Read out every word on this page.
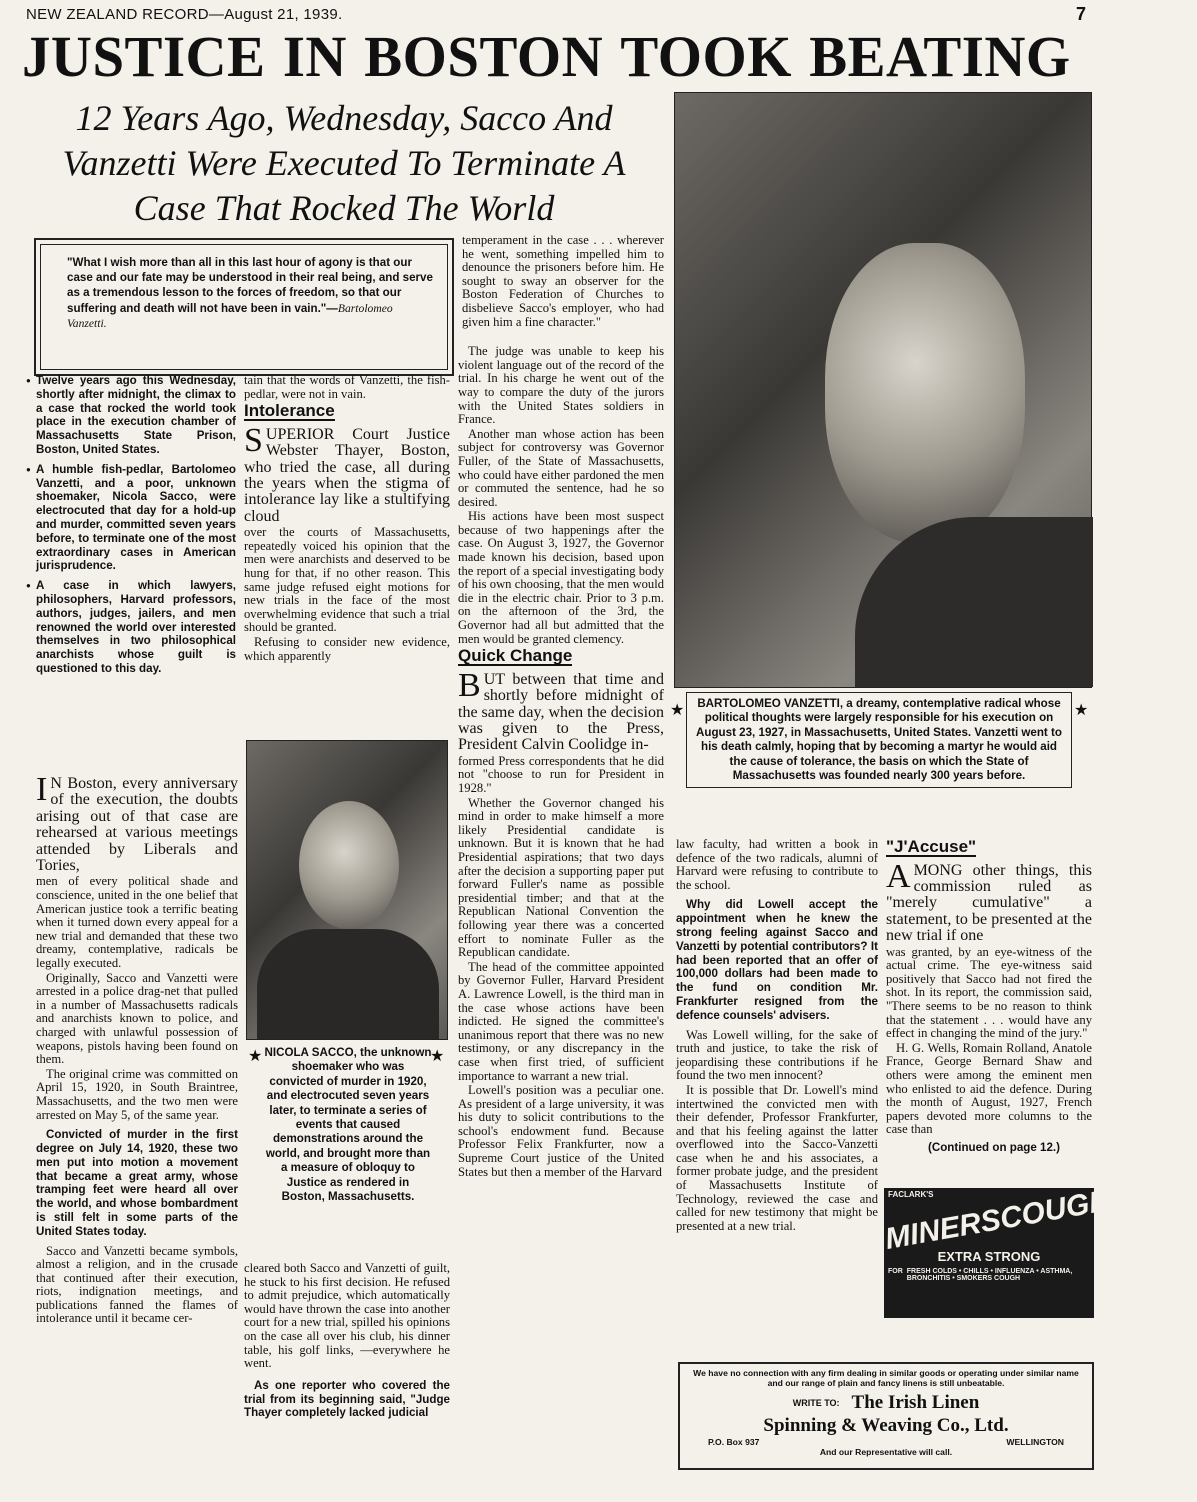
NEW ZEALAND RECORD—August 21, 1939.	7
JUSTICE IN BOSTON TOOK BEATING
12 Years Ago, Wednesday, Sacco And Vanzetti Were Executed To Terminate A Case That Rocked The World
"What I wish more than all in this last hour of agony is that our case and our fate may be understood in their real being, and serve as a tremendous lesson to the forces of freedom, so that our suffering and death will not have been in vain."—Bartolomeo Vanzetti.
● Twelve years ago this Wednesday, shortly after midnight, the climax to a case that rocked the world took place in the execution chamber of Massachusetts State Prison, Boston, United States.
● A humble fish-pedlar, Bartolomeo Vanzetti, and a poor, unknown shoemaker, Nicola Sacco, were electrocuted that day for a hold-up and murder, committed seven years before, to terminate one of the most extraordinary cases in American jurisprudence.
● A case in which lawyers, philosophers, Harvard professors, authors, judges, jailers, and men renowned the world over interested themselves in two philosophical anarchists whose guilt is questioned to this day.

I N Boston, every anniversary of the execution, the doubts arising out of that case are rehearsed at various meetings attended by Liberals and Tories,

men of every political shade and conscience, united in the one belief that American justice took a terrific beating when it turned down every appeal for a new trial and demanded that these two dreamy, contemplative, radicals be legally executed.

Originally, Sacco and Vanzetti were arrested in a police drag-net that pulled in a number of Massachusetts radicals and anarchists known to police, and charged with unlawful possession of weapons, pistols having been found on them.

The original crime was committed on April 15, 1920, in South Braintree, Massachusetts, and the two men were arrested on May 5, of the same year.

Convicted of murder in the first degree on July 14, 1920, these two men put into motion a movement that became a great army, whose tramping feet were heard all over the world, and whose bombardment is still felt in some parts of the United States today.

Sacco and Vanzetti became symbols, almost a religion, and in the crusade that continued after their execution, riots, indignation meetings, and publications fanned the flames of intolerance until it became cer-

tain that the words of Vanzetti, the fish-pedlar, were not in vain.

Intolerance

SUPERIOR Court Justice Webster Thayer, Boston, who tried the case, all during the years when the stigma of intolerance lay like a stultifying cloud

over the courts of Massachusetts, repeatedly voiced his opinion that the men were anarchists and deserved to be hung for that, if no other reason. This same judge refused eight motions for new trials in the face of the most overwhelming evidence that such a trial should be granted.

Refusing to consider new evidence, which apparently

★	★
NICOLA SACCO, the unknown shoemaker who was convicted of murder in 1920, and electrocuted seven years later, to terminate a series of events that caused demonstrations around the world, and brought more than a measure of obloquy to Justice as rendered in Boston, Massachusetts.

cleared both Sacco and Vanzetti of guilt, he stuck to his first decision. He refused to admit prejudice, which automatically would have thrown the case into another court for a new trial, spilled his opinions on the case all over his club, his dinner table, his golf links, —everywhere he went.

As one reporter who covered the trial from its beginning said, "Judge Thayer completely lacked judicial

temperament in the case . . . wherever he went, something impelled him to denounce the prisoners before him. He sought to sway an observer for the Boston Federation of Churches to disbelieve Sacco's employer, who had given him a fine character."

The judge was unable to keep his violent language out of the record of the trial. In his charge he went out of the way to compare the duty of the jurors with the United States soldiers in France.

Another man whose action has been subject for controversy was Governor Fuller, of the State of Massachusetts, who could have either pardoned the men or commuted the sentence, had he so desired.

His actions have been most suspect because of two happenings after the case. On August 3, 1927, the Governor made known his decision, based upon the report of a special investigating body of his own choosing, that the men would die in the electric chair. Prior to 3 p.m. on the afternoon of the 3rd, the Governor had all but admitted that the men would be granted clemency.

Quick Change

BUT between that time and shortly before midnight of the same day, when the decision was given to the Press, President Calvin Coolidge in-

formed Press correspondents that he did not "choose to run for President in 1928."

Whether the Governor changed his mind in order to make himself a more likely Presidential candidate is unknown. But it is known that he had Presidential aspirations; that two days after the decision a supporting paper put forward Fuller's name as possible presidential timber; and that at the Republican National Convention the following year there was a concerted effort to nominate Fuller as the Republican candidate.

The head of the committee appointed by Governor Fuller, Harvard President A. Lawrence Lowell, is the third man in the case whose actions have been indicted. He signed the committee's unanimous report that there was no new testimony, or any discrepancy in the case when first tried, of sufficient importance to warrant a new trial.

Lowell's position was a peculiar one. As president of a large university, it was his duty to solicit contributions to the school's endowment fund. Because Professor Felix Frankfurter, now a Supreme Court justice of the United States but then a member of the Harvard

★	★
BARTOLOMEO VANZETTI, a dreamy, contemplative radical whose political thoughts were largely responsible for his execution on August 23, 1927, in Massachusetts, United States. Vanzetti went to his death calmly, hoping that by becoming a martyr he would aid the cause of tolerance, the basis on which the State of Massachusetts was founded nearly 300 years before.

law faculty, had written a book in defence of the two radicals, alumni of Harvard were refusing to contribute to the school.

Why did Lowell accept the appointment when he knew the strong feeling against Sacco and Vanzetti by potential contributors? It had been reported that an offer of 100,000 dollars had been made to the fund on condition Mr. Frankfurter resigned from the defence counsels' advisers.

Was Lowell willing, for the sake of truth and justice, to take the risk of jeopardising these contributions if he found the two men innocent?

It is possible that Dr. Lowell's mind intertwined the convicted men with their defender, Professor Frankfurter, and that his feeling against the latter overflowed into the Sacco-Vanzetti case when he and his associates, a former probate judge, and the president of Massachusetts Institute of Technology, reviewed the case and called for new testimony that might be presented at a new trial.

"J'Accuse"

AMONG other things, this commission ruled as "merely cumulative" a statement, to be presented at the new trial if one

was granted, by an eye-witness of the actual crime. The eye-witness said positively that Sacco had not fired the shot. In its report, the commission said, "There seems to be no reason to think that the statement . . . would have any effect in changing the mind of the jury."

H. G. Wells, Romain Rolland, Anatole France, George Bernard Shaw and others were among the eminent men who enlisted to aid the defence. During the month of August, 1927, French papers devoted more columns to the case than

(Continued on page 12.)

FACLARK'S
MINERS
COUGH
CURE
EXTRA STRONG
FOR FRESH COLDS • CHILLS • INFLUENZA • ASTHMA, BRONCHITIS • SMOKERS COUGH
We have no connection with any firm dealing in similar goods or operating under similar name and our range of plain and fancy linens is still unbeatable.
WRITE TO: The Irish Linen
Spinning & Weaving Co., Ltd.
P.O. Box 937	WELLINGTON
And our Representative will call.
